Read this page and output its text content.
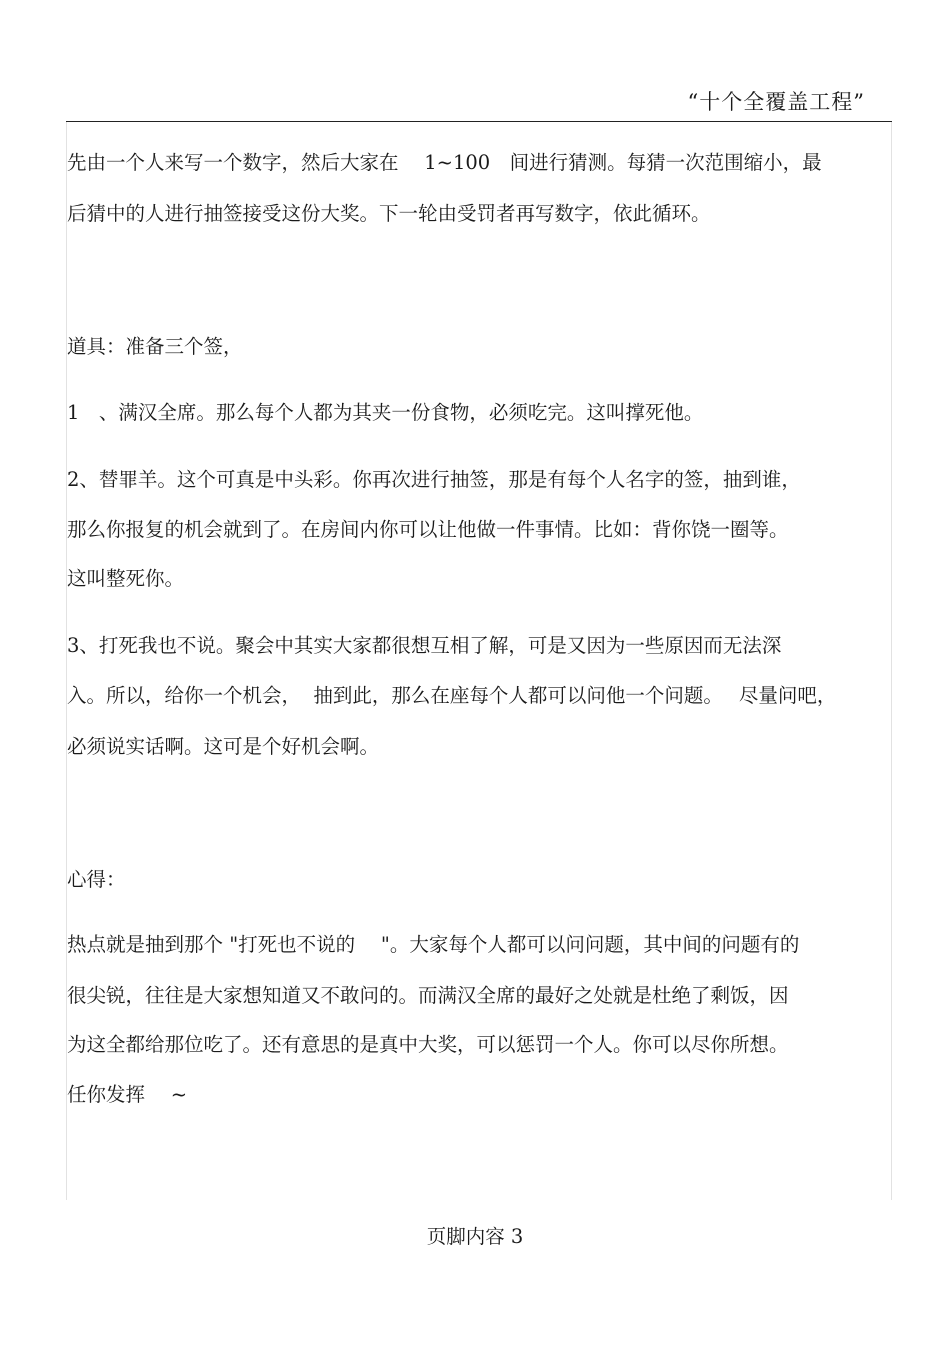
“十个全覆盖工程”
先由一个人来写一个数字，然后大家在　 1~100　间进行猜测。每猜一次范围缩小，最
后猜中的人进行抽签接受这份大奖。下一轮由受罚者再写数字，依此循环。
道具：准备三个签，
1　、满汉全席。那么每个人都为其夹一份食物，必须吃完。这叫撑死他。
2、替罪羊。这个可真是中头彩。你再次进行抽签，那是有每个人名字的签，抽到谁，
那么你报复的机会就到了。在房间内你可以让他做一件事情。比如：背你饶一圈等。
这叫整死你。
3、打死我也不说。聚会中其实大家都很想互相了解，可是又因为一些原因而无法深
入。所以，给你一个机会，  抽到此，那么在座每个人都可以问他一个问题。　 尽量问吧，
必须说实话啊。这可是个好机会啊。
心得：
热点就是抽到那个 "打死也不说的　 "。大家每个人都可以问问题，其中间的问题有的
很尖锐，往往是大家想知道又不敢问的。而满汉全席的最好之处就是杜绝了剩饭，因
为这全都给那位吃了。还有意思的是真中大奖，可以惩罚一个人。你可以尽你所想。
任你发挥　 ~
页脚内容 3
